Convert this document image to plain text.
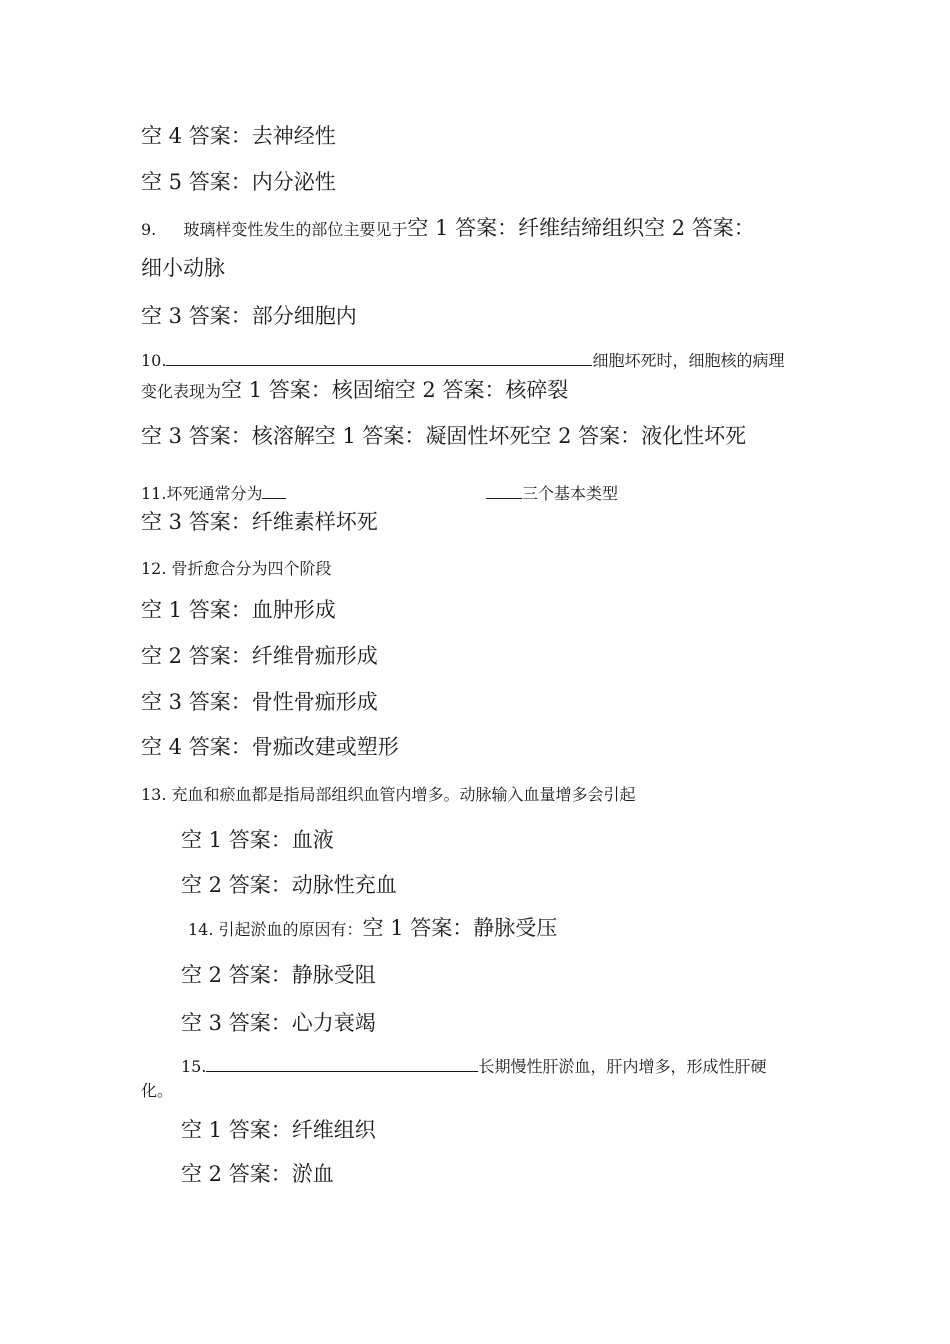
空 4 答案：去神经性
空 5 答案：内分泌性
9. 玻璃样变性发生的部位主要见于空 1 答案：纤维结缔组织空 2 答案：
细小动脉
空 3 答案：部分细胞内
10.	细胞坏死时，细胞核的病理
变化表现为空 1 答案：核固缩空 2 答案：核碎裂
空 3 答案：核溶解空 1 答案：凝固性坏死空 2 答案：液化性坏死
11.坏死通常分为	三个基本类型
空 3 答案：纤维素样坏死
12. 骨折愈合分为四个阶段
空 1 答案：血肿形成
空 2 答案：纤维骨痂形成
空 3 答案：骨性骨痂形成
空 4 答案：骨痂改建或塑形
13. 充血和瘀血都是指局部组织血管内增多。动脉输入血量增多会引起
空 1 答案：血液
空 2 答案：动脉性充血
14. 引起淤血的原因有：空 1 答案：静脉受压
空 2 答案：静脉受阻
空 3 答案：心力衰竭
15.	长期慢性肝淤血，肝内增多，形成性肝硬
化。
空 1 答案：纤维组织
空 2 答案：淤血
